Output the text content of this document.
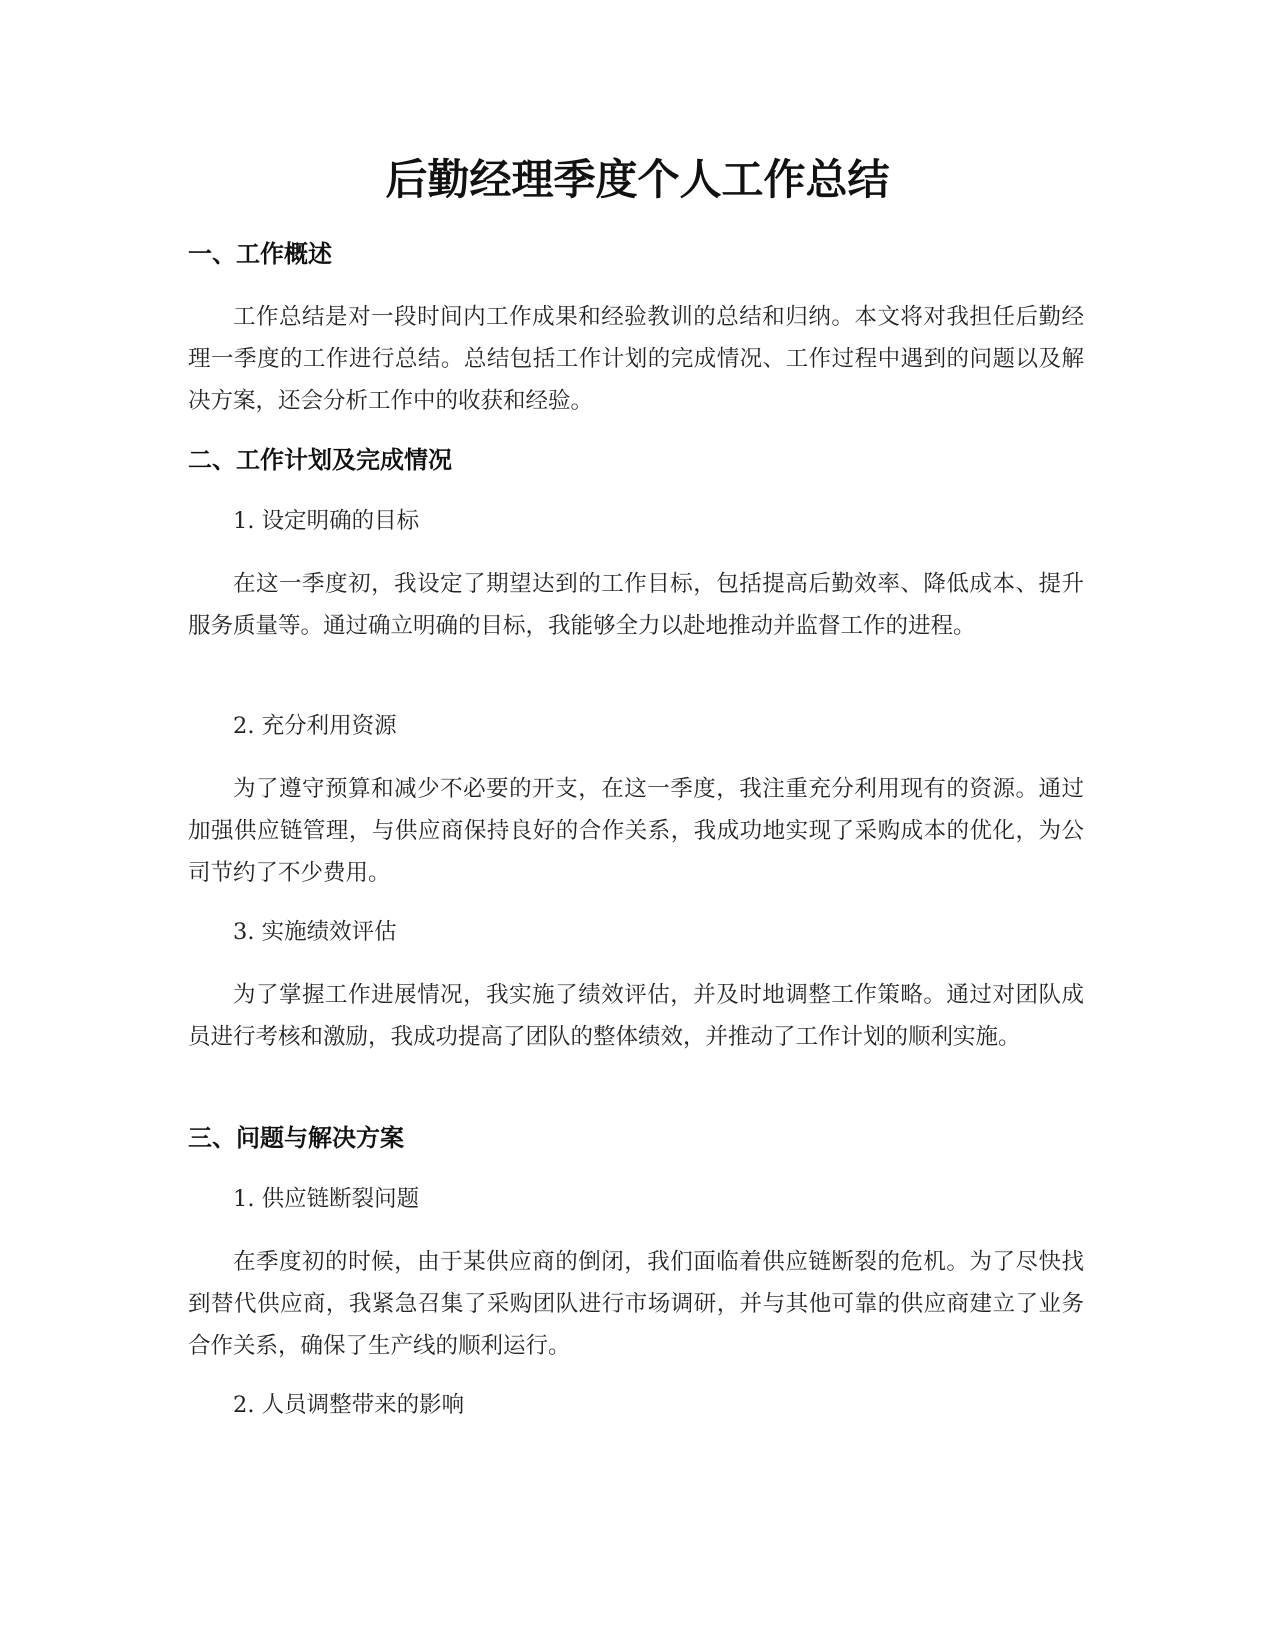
后勤经理季度个人工作总结
一、工作概述

工作总结是对一段时间内工作成果和经验教训的总结和归纳。本文将对我担任后勤经理一季度的工作进行总结。总结包括工作计划的完成情况、工作过程中遇到的问题以及解决方案，还会分析工作中的收获和经验。

二、工作计划及完成情况

1. 设定明确的目标

在这一季度初，我设定了期望达到的工作目标，包括提高后勤效率、降低成本、提升服务质量等。通过确立明确的目标，我能够全力以赴地推动并监督工作的进程。

2. 充分利用资源

为了遵守预算和减少不必要的开支，在这一季度，我注重充分利用现有的资源。通过加强供应链管理，与供应商保持良好的合作关系，我成功地实现了采购成本的优化，为公司节约了不少费用。

3. 实施绩效评估

为了掌握工作进展情况，我实施了绩效评估，并及时地调整工作策略。通过对团队成员进行考核和激励，我成功提高了团队的整体绩效，并推动了工作计划的顺利实施。

三、问题与解决方案

1. 供应链断裂问题

在季度初的时候，由于某供应商的倒闭，我们面临着供应链断裂的危机。为了尽快找到替代供应商，我紧急召集了采购团队进行市场调研，并与其他可靠的供应商建立了业务合作关系，确保了生产线的顺利运行。

2. 人员调整带来的影响
